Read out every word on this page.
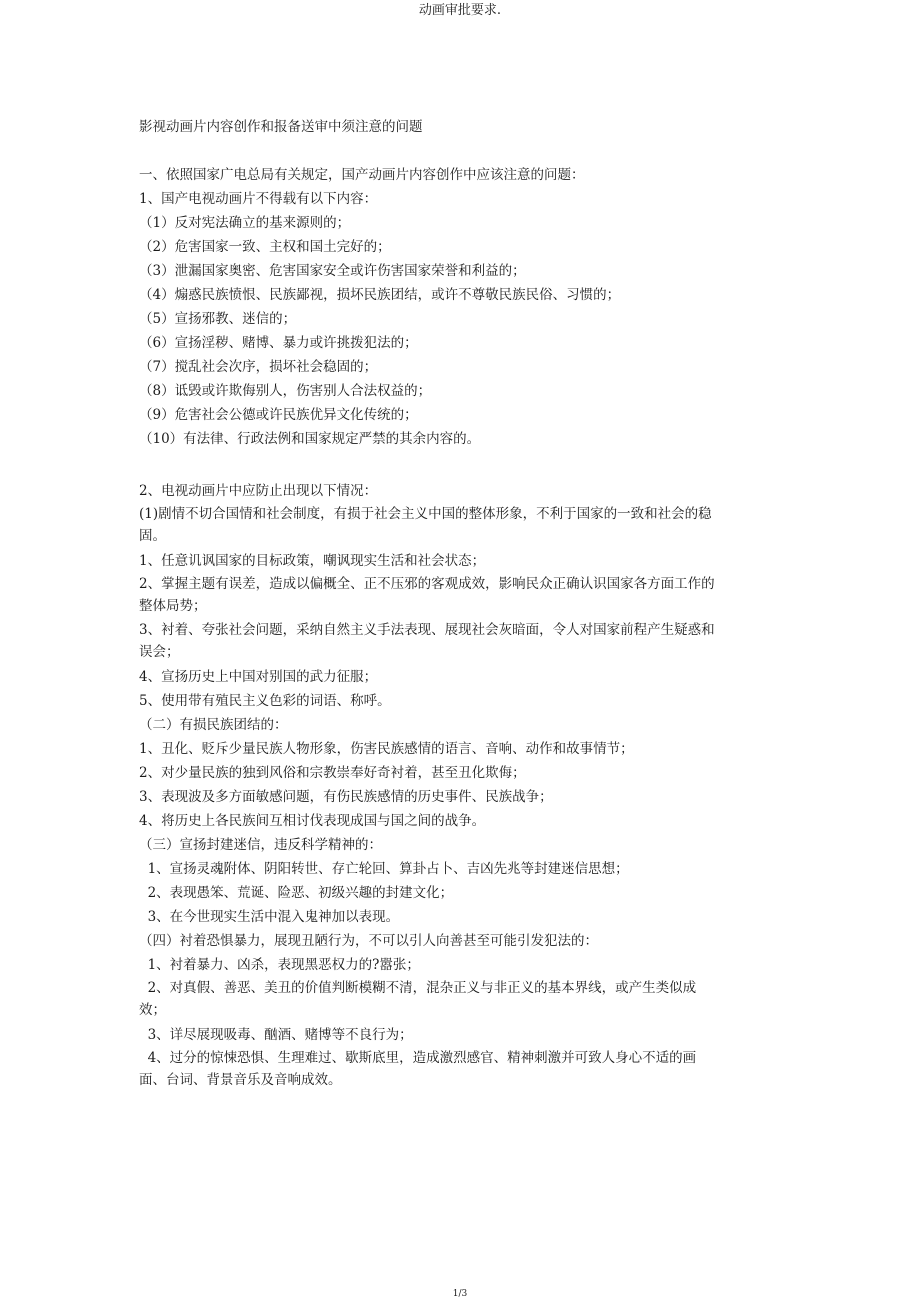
动画审批要求.
影视动画片内容创作和报备送审中须注意的问题

一、依照国家广电总局有关规定，国产动画片内容创作中应该注意的问题：

1、国产电视动画片不得载有以下内容：

（1）反对宪法确立的基来源则的；

（2）危害国家一致、主权和国土完好的；

（3）泄漏国家奥密、危害国家安全或许伤害国家荣誉和利益的；

（4）煽惑民族愤恨、民族鄙视，损坏民族团结，或许不尊敬民族民俗、习惯的；

（5）宣扬邪教、迷信的；

（6）宣扬淫秽、赌博、暴力或许挑拨犯法的；

（7）搅乱社会次序，损坏社会稳固的；

（8）诋毁或许欺侮别人，伤害别人合法权益的；

（9）危害社会公德或许民族优异文化传统的；

（10）有法律、行政法例和国家规定严禁的其余内容的。

2、电视动画片中应防止出现以下情况：

(1)剧情不切合国情和社会制度，有损于社会主义中国的整体形象，不利于国家的一致和社会的稳固。

1、任意讥讽国家的目标政策，嘲讽现实生活和社会状态；

2、掌握主题有误差，造成以偏概全、正不压邪的客观成效，影响民众正确认识国家各方面工作的整体局势；

3、衬着、夸张社会问题，采纳自然主义手法表现、展现社会灰暗面，令人对国家前程产生疑惑和误会；

4、宣扬历史上中国对别国的武力征服；

5、使用带有殖民主义色彩的词语、称呼。

（二）有损民族团结的：

1、丑化、贬斥少量民族人物形象，伤害民族感情的语言、音响、动作和故事情节；

2、对少量民族的独到风俗和宗教崇奉好奇衬着，甚至丑化欺侮；

3、表现波及多方面敏感问题，有伤民族感情的历史事件、民族战争；

4、将历史上各民族间互相讨伐表现成国与国之间的战争。

（三）宣扬封建迷信，违反科学精神的：

1、宣扬灵魂附体、阴阳转世、存亡轮回、算卦占卜、吉凶先兆等封建迷信思想；

2、表现愚笨、荒诞、险恶、初级兴趣的封建文化；

3、在今世现实生活中混入鬼神加以表现。

（四）衬着恐惧暴力，展现丑陋行为，不可以引人向善甚至可能引发犯法的：

1、衬着暴力、凶杀，表现黑恶权力的?嚣张；

2、对真假、善恶、美丑的价值判断模糊不清，混杂正义与非正义的基本界线，或产生类似成效；

3、详尽展现吸毒、酗酒、赌博等不良行为；

4、过分的惊悚恐惧、生理难过、歇斯底里，造成激烈感官、精神刺激并可致人身心不适的画面、台词、背景音乐及音响成效。

1/3
